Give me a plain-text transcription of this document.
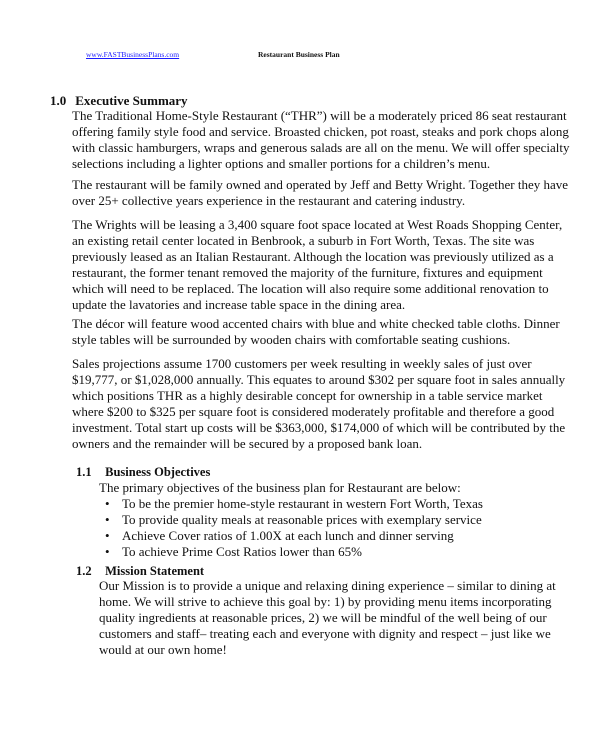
www.FASTBusinessPlans.com	Restaurant Business Plan
1.0 Executive Summary

The Traditional Home-Style Restaurant (“THR”) will be a moderately priced 86 seat restaurant offering family style food and service. Broasted chicken, pot roast, steaks and pork chops along with classic hamburgers, wraps and generous salads are all on the menu. We will offer specialty selections including a lighter options and smaller portions for a children’s menu.

The restaurant will be family owned and operated by Jeff and Betty Wright. Together they have over 25+ collective years experience in the restaurant and catering industry.

The Wrights will be leasing a 3,400 square foot space located at West Roads Shopping Center, an existing retail center located in Benbrook, a suburb in Fort Worth, Texas. The site was previously leased as an Italian Restaurant. Although the location was previously utilized as a restaurant, the former tenant removed the majority of the furniture, fixtures and equipment which will need to be replaced. The location will also require some additional renovation to update the lavatories and increase table space in the dining area.

The décor will feature wood accented chairs with blue and white checked table cloths. Dinner style tables will be surrounded by wooden chairs with comfortable seating cushions.

Sales projections assume 1700 customers per week resulting in weekly sales of just over $19,777, or $1,028,000 annually. This equates to around $302 per square foot in sales annually which positions THR as a highly desirable concept for ownership in a table service market where $200 to $325 per square foot is considered moderately profitable and therefore a good investment. Total start up costs will be $363,000, $174,000 of which will be contributed by the owners and the remainder will be secured by a proposed bank loan.

1.1 Business Objectives

The primary objectives of the business plan for Restaurant are below:

• To be the premier home-style restaurant in western Fort Worth, Texas
• To provide quality meals at reasonable prices with exemplary service
• Achieve Cover ratios of 1.00X at each lunch and dinner serving
• To achieve Prime Cost Ratios lower than 65%
1.2 Mission Statement

Our Mission is to provide a unique and relaxing dining experience – similar to dining at home. We will strive to achieve this goal by: 1) by providing menu items incorporating quality ingredients at reasonable prices, 2) we will be mindful of the well being of our customers and staff– treating each and everyone with dignity and respect – just like we would at our own home!
